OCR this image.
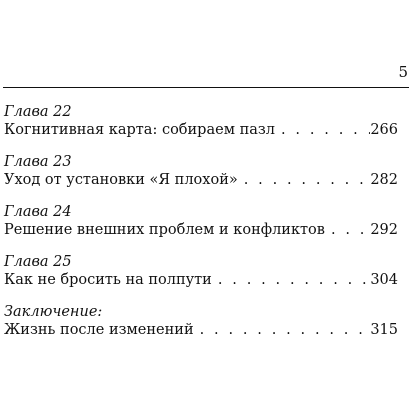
5
Глава 22
Когнитивная карта: собираем пазл . . .	266
Глава 23
Уход от установки «Я плохой» . . .	282
Глава 24
Решение внешних проблем и конфликтов . . .	292
Глава 25
Как не бросить на полпути . . .	304
Заключение:
Жизнь после изменений . . .	315
